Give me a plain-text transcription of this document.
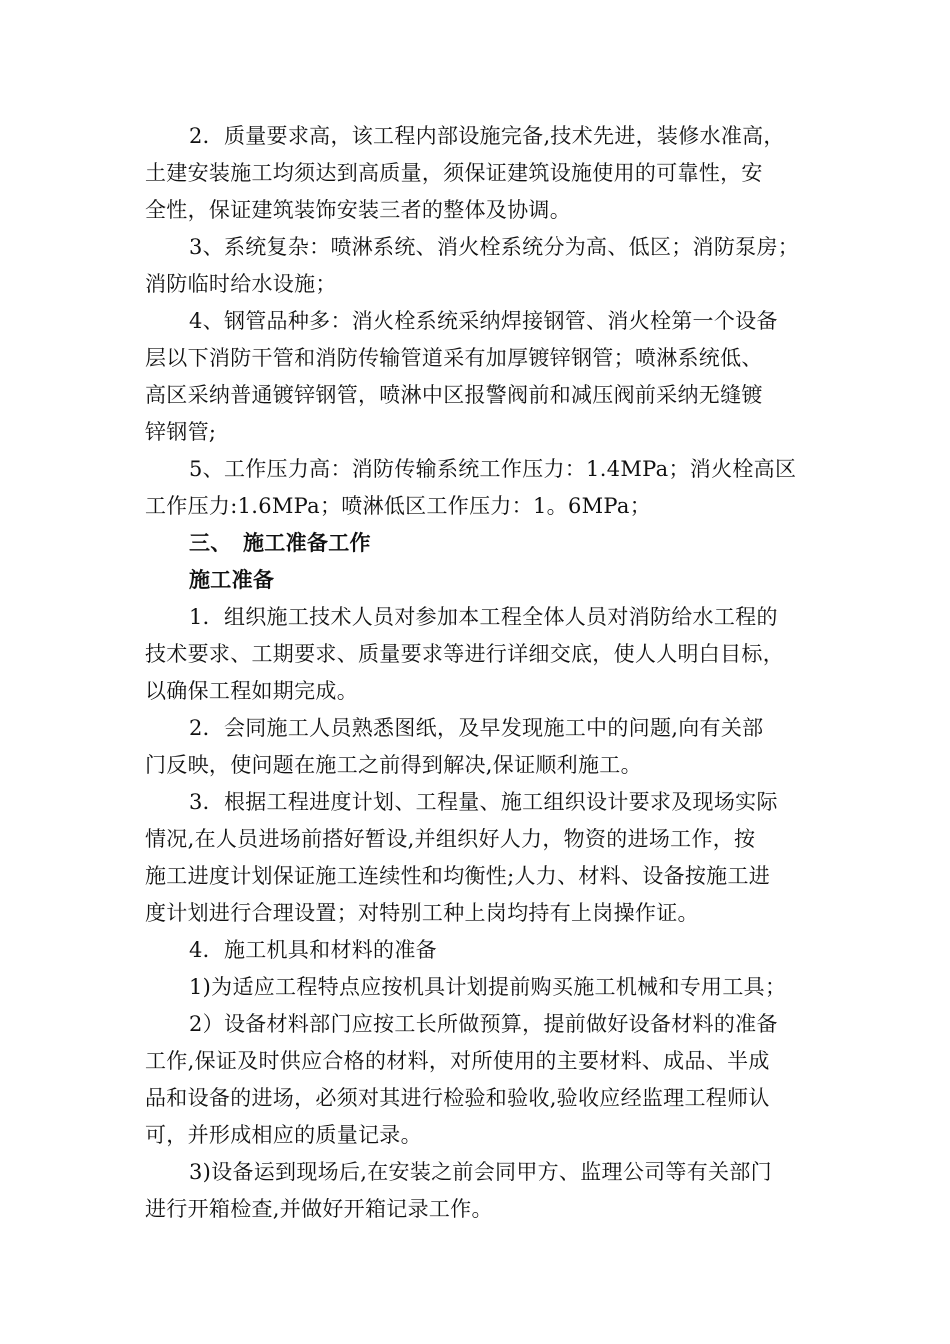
2．质量要求高，该工程内部设施完备,技术先进，装修水准高，
土建安装施工均须达到高质量，须保证建筑设施使用的可靠性，安
全性，保证建筑装饰安装三者的整体及协调。
3、系统复杂：喷淋系统、消火栓系统分为高、低区；消防泵房；
消防临时给水设施；
4、钢管品种多：消火栓系统采纳焊接钢管、消火栓第一个设备
层以下消防干管和消防传输管道采有加厚镀锌钢管；喷淋系统低、
高区采纳普通镀锌钢管，喷淋中区报警阀前和减压阀前采纳无缝镀
锌钢管;
5、工作压力高：消防传输系统工作压力：1.4MPa；消火栓高区
工作压力:1.6MPa；喷淋低区工作压力：1。6MPa；
三、 施工准备工作
施工准备
1．组织施工技术人员对参加本工程全体人员对消防给水工程的
技术要求、工期要求、质量要求等进行详细交底，使人人明白目标，
以确保工程如期完成。
2．会同施工人员熟悉图纸，及早发现施工中的问题,向有关部
门反映，使问题在施工之前得到解决,保证顺利施工。
3．根据工程进度计划、工程量、施工组织设计要求及现场实际
情况,在人员进场前搭好暂设,并组织好人力，物资的进场工作，按
施工进度计划保证施工连续性和均衡性;人力、材料、设备按施工进
度计划进行合理设置；对特别工种上岗均持有上岗操作证。
4．施工机具和材料的准备
1)为适应工程特点应按机具计划提前购买施工机械和专用工具；
2）设备材料部门应按工长所做预算，提前做好设备材料的准备
工作,保证及时供应合格的材料，对所使用的主要材料、成品、半成
品和设备的进场，必须对其进行检验和验收,验收应经监理工程师认
可，并形成相应的质量记录。
3)设备运到现场后,在安装之前会同甲方、监理公司等有关部门
进行开箱检查,并做好开箱记录工作。
